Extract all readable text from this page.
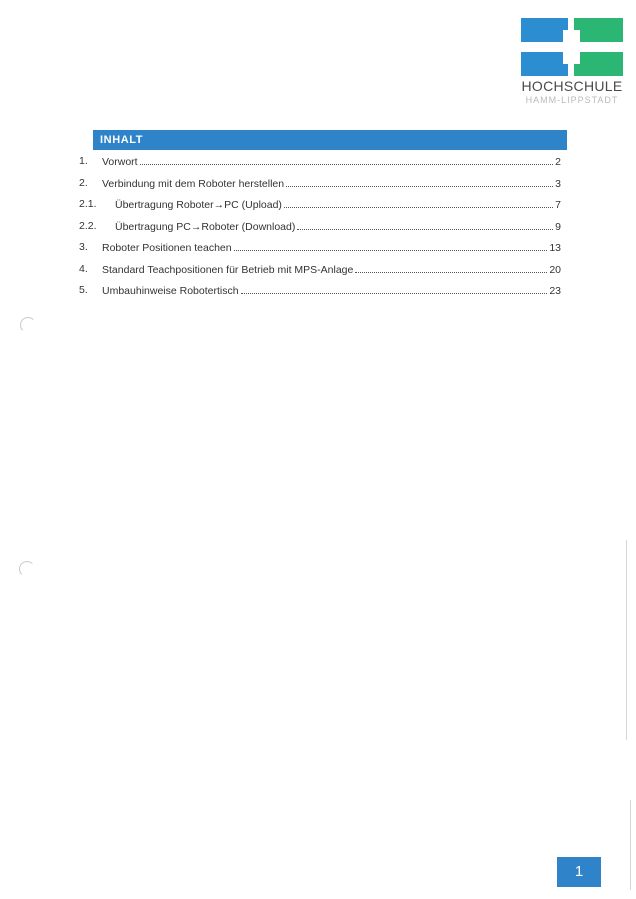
HOCHSCHULE
HAMM-LIPPSTADT
INHALT
1. Vorwort	2
2. Verbindung mit dem Roboter herstellen	3
2.1. Übertragung Roboter→PC (Upload)	7
2.2. Übertragung PC→Roboter (Download)	9
3. Roboter Positionen teachen	13
4. Standard Teachpositionen für Betrieb mit MPS-Anlage	20
5. Umbauhinweise Robotertisch	23
1
